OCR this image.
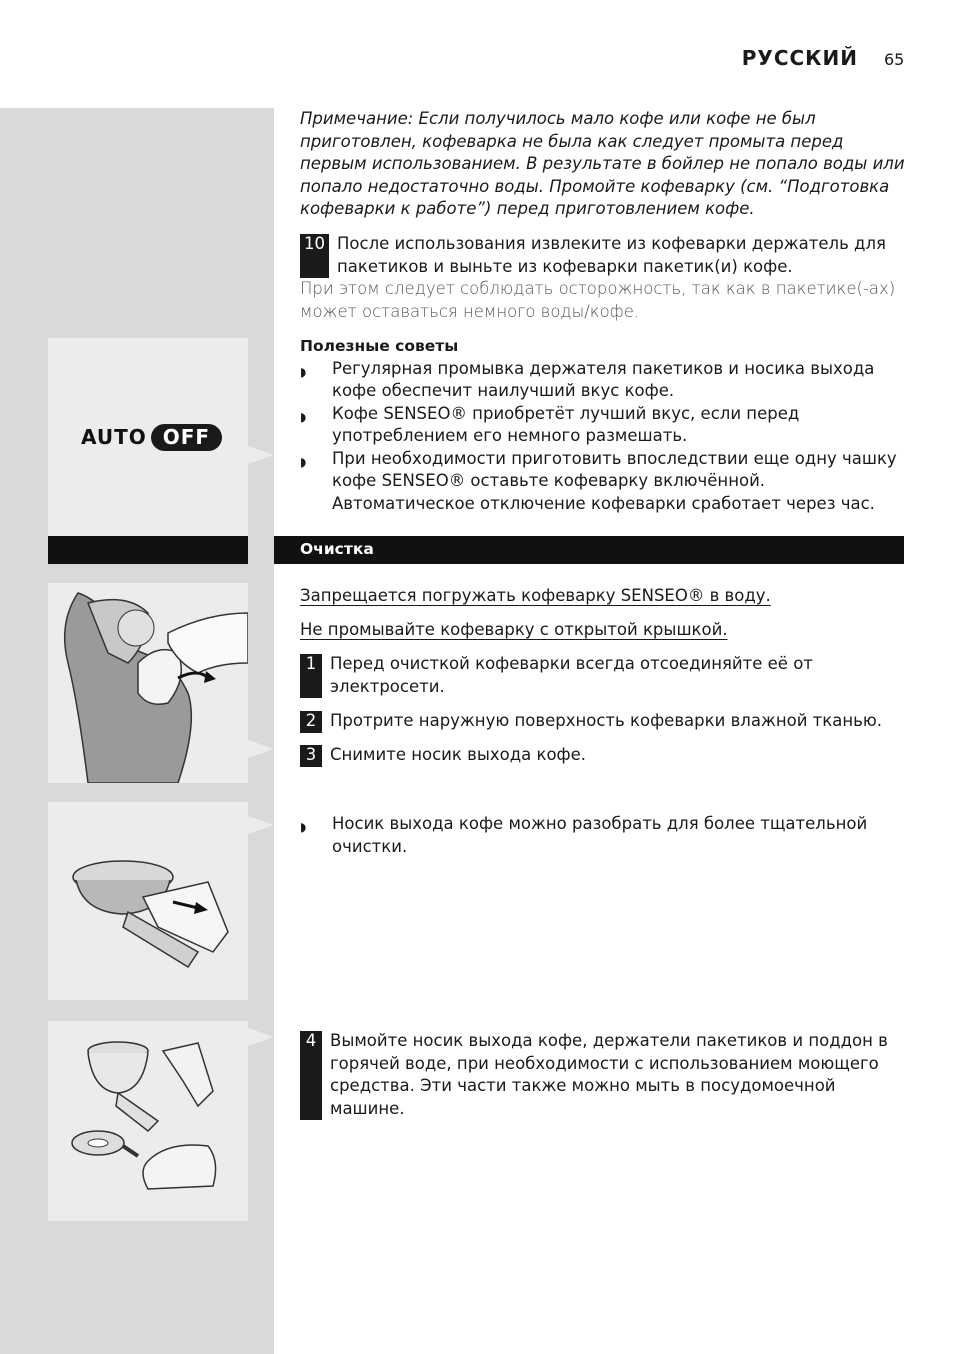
РУССКИЙ 65
AUTO OFF
Примечание: Если получилось мало кофе или кофе не был приготовлен, кофеварка не была как следует промыта перед первым использованием. В результате в бойлер не попало воды или попало недостаточно воды. Промойте кофеварку (см. “Подготовка кофеварки к работе”) перед приготовлением кофе.
10 После использования извлеките из кофеварки держатель для пакетиков и выньте из кофеварки пакетик(и) кофе.
При этом следует соблюдать осторожность, так как в пакетике(-ах) может оставаться немного воды/кофе.
Полезные советы
◗	Регулярная промывка держателя пакетиков и носика выхода кофе обеспечит наилучший вкус кофе.
◗	Кофе SENSEO® приобретёт лучший вкус, если перед употреблением его немного размешать.
◗	При необходимости приготовить впоследствии еще одну чашку кофе SENSEO® оставьте кофеварку включённой. Автоматическое отключение кофеварки сработает через час.
Очистка
Запрещается погружать кофеварку SENSEO® в воду.
Не промывайте кофеварку с открытой крышкой.
1 Перед очисткой кофеварки всегда отсоединяйте её от электросети.
2 Протрите наружную поверхность кофеварки влажной тканью.
3 Снимите носик выхода кофе.
◗	Носик выхода кофе можно разобрать для более тщательной очистки.
4 Вымойте носик выхода кофе, держатели пакетиков и поддон в горячей воде, при необходимости с использованием моющего средства. Эти части также можно мыть в посудомоечной машине.
